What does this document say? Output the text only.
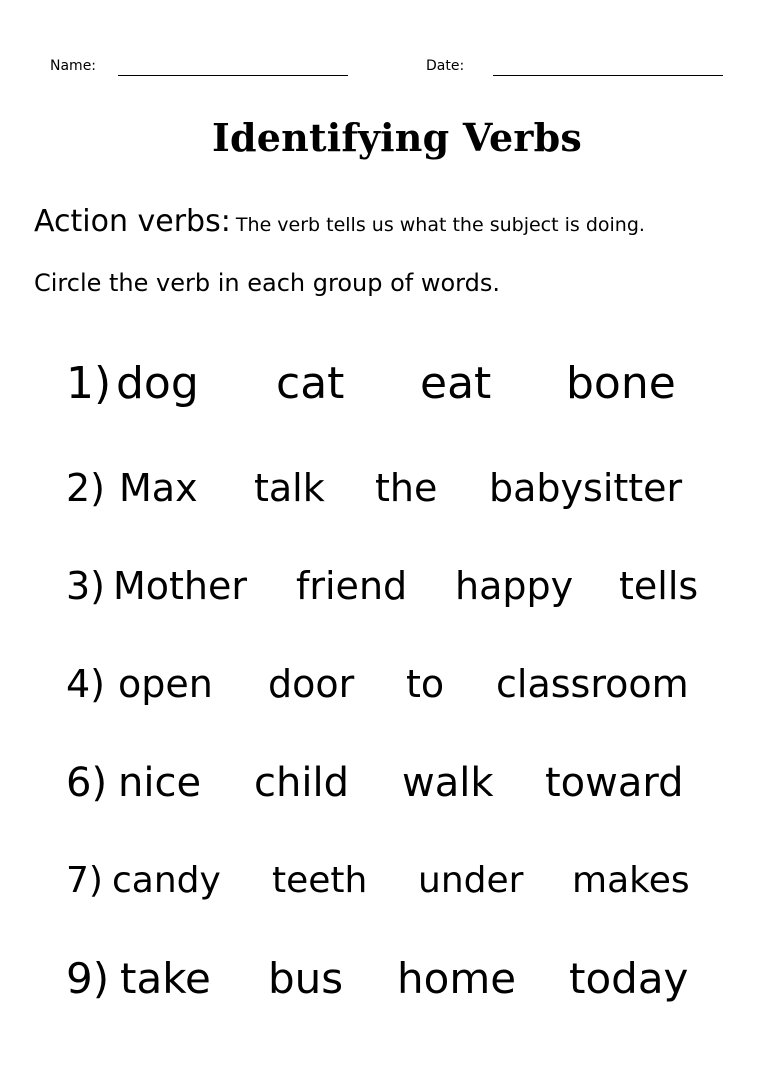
Name:	Date:
Identifying Verbs
Action verbs: The verb tells us what the subject is doing.
Circle the verb in each group of words.
1) dog cat eat bone
2) Max talk the babysitter
3) Mother friend happy tells
4) open door to classroom
6) nice child walk toward
7) candy teeth under makes
9) take bus home today
